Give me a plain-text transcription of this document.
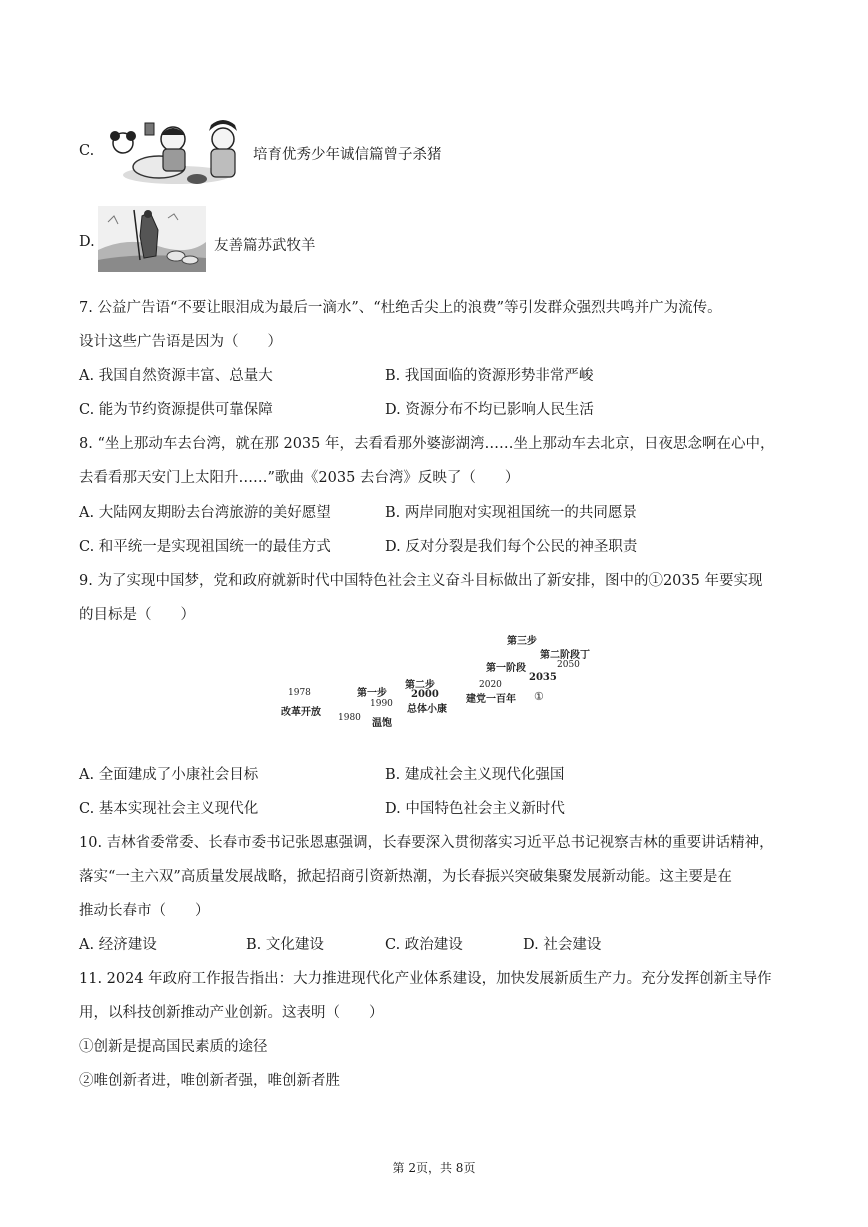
C.	培育优秀少年诚信篇曾子杀猪
D.	友善篇苏武牧羊
7. 公益广告语“不要让眼泪成为最后一滴水”、“杜绝舌尖上的浪费”等引发群众强烈共鸣并广为流传。
设计这些广告语是因为（　　）
A. 我国自然资源丰富、总量大	B. 我国面临的资源形势非常严峻
C. 能为节约资源提供可靠保障	D. 资源分布不均已影响人民生活
8. “坐上那动车去台湾，就在那 2035 年，去看看那外婆澎湖湾……坐上那动车去北京，日夜思念啊在心中，
去看看那天安门上太阳升……”歌曲《2035 去台湾》反映了（　　）
A. 大陆网友期盼去台湾旅游的美好愿望	B. 两岸同胞对实现祖国统一的共同愿景
C. 和平统一是实现祖国统一的最佳方式	D. 反对分裂是我们每个公民的神圣职责
9. 为了实现中国梦，党和政府就新时代中国特色社会主义奋斗目标做出了新安排，图中的①2035 年要实现
的目标是（　　）
1978
改革开放 1980
第一步
1990
温饱
第二步
2000
总体小康
2020
建党一百年
第三步
第一阶段
2035
①
第二阶段丁
2050
A. 全面建成了小康社会目标	B. 建成社会主义现代化强国
C. 基本实现社会主义现代化	D. 中国特色社会主义新时代
10. 吉林省委常委、长春市委书记张恩惠强调，长春要深入贯彻落实习近平总书记视察吉林的重要讲话精神，
落实“一主六双”高质量发展战略，掀起招商引资新热潮，为长春振兴突破集聚发展新动能。这主要是在
推动长春市（　　）
A. 经济建设	B. 文化建设	C. 政治建设	D. 社会建设
11. 2024 年政府工作报告指出：大力推进现代化产业体系建设，加快发展新质生产力。充分发挥创新主导作
用，以科技创新推动产业创新。这表明（　　）
①创新是提高国民素质的途径
②唯创新者进，唯创新者强，唯创新者胜
第 2页，共 8页
